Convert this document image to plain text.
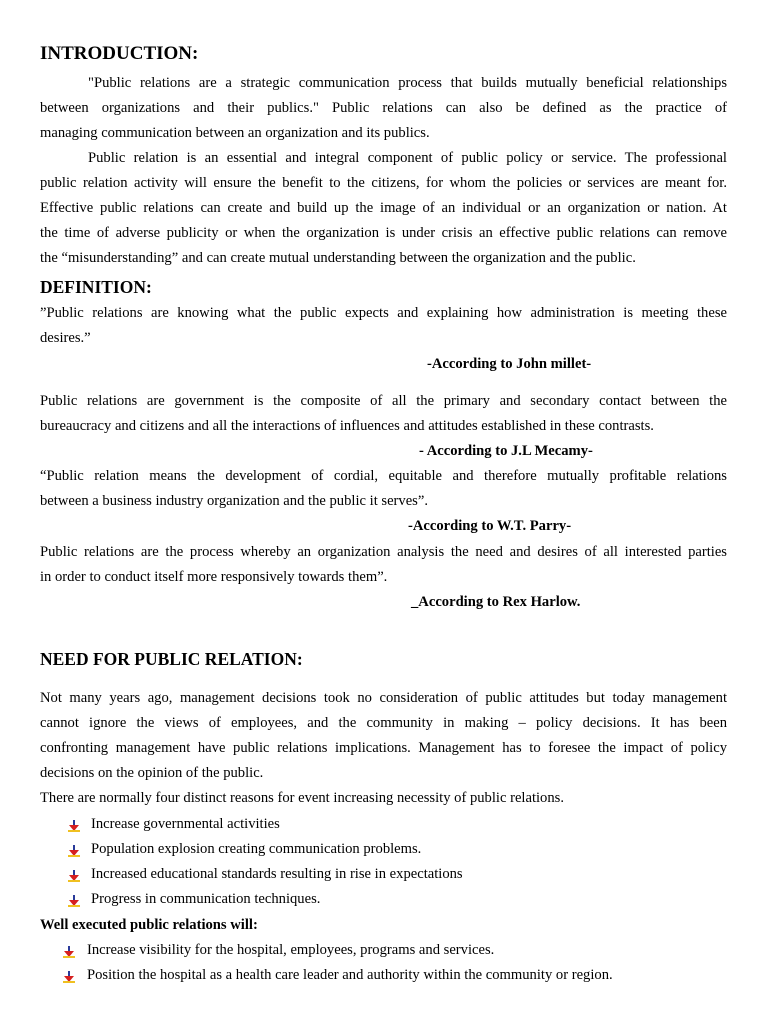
INTRODUCTION:
"Public relations are a strategic communication process that builds mutually beneficial relationships
between organizations and their publics." Public relations can also be defined as the practice of
managing communication between an organization and its publics.
Public relation is an essential and integral component of public policy or service. The professional
public relation activity will ensure the benefit to the citizens, for whom the policies or services are meant for.
Effective public relations can create and build up the image of an individual or an organization or nation. At
the time of adverse publicity or when the organization is under crisis an effective public relations can remove
the “misunderstanding” and can create mutual understanding between the organization and the public.
DEFINITION:
”Public relations are knowing what the public expects and explaining how administration is meeting these
desires.”
-According to John millet-
Public relations are government is the composite of all the primary and secondary contact between the
bureaucracy and citizens and all the interactions of influences and attitudes established in these contrasts.
- According to J.L Mecamy-
“Public relation means the development of cordial, equitable and therefore mutually profitable relations
between a business industry organization and the public it serves”.
-According to W.T. Parry-
Public relations are the process whereby an organization analysis the need and desires of all interested parties
in order to conduct itself more responsively towards them”.
_According to Rex Harlow.
NEED FOR PUBLIC RELATION:
Not many years ago, management decisions took no consideration of public attitudes but today management
cannot ignore the views of employees, and the community in making – policy decisions. It has been
confronting management have public relations implications. Management has to foresee the impact of policy
decisions on the opinion of the public.
There are normally four distinct reasons for event increasing necessity of public relations.
Increase governmental activities
Population explosion creating communication problems.
Increased educational standards resulting in rise in expectations
Progress in communication techniques.
Well executed public relations will:
Increase visibility for the hospital, employees, programs and services.
Position the hospital as a health care leader and authority within the community or region.
